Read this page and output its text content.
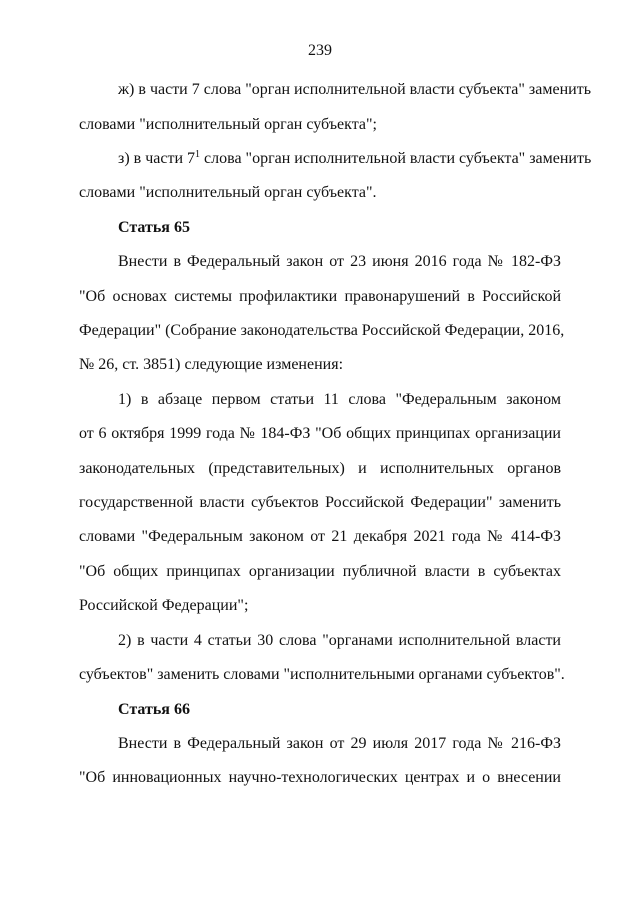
239
ж) в части 7 слова "орган исполнительной власти субъекта" заменить
словами "исполнительный орган субъекта";
з) в части $7^1$ слова "орган исполнительной власти субъекта" заменить
словами "исполнительный орган субъекта".
Статья 65
Внести в Федеральный закон от 23 июня 2016 года № 182-ФЗ
"Об основах системы профилактики правонарушений в Российской
Федерации" (Собрание законодательства Российской Федерации, 2016,
№ 26, ст. 3851) следующие изменения:
1) в абзаце первом статьи 11 слова "Федеральным законом
от 6 октября 1999 года № 184-ФЗ "Об общих принципах организации
законодательных (представительных) и исполнительных органов
государственной власти субъектов Российской Федерации" заменить
словами "Федеральным законом от 21 декабря 2021 года № 414-ФЗ
"Об общих принципах организации публичной власти в субъектах
Российской Федерации";
2) в части 4 статьи 30 слова "органами исполнительной власти
субъектов" заменить словами "исполнительными органами субъектов".
Статья 66
Внести в Федеральный закон от 29 июля 2017 года № 216-ФЗ
"Об инновационных научно-технологических центрах и о внесении
